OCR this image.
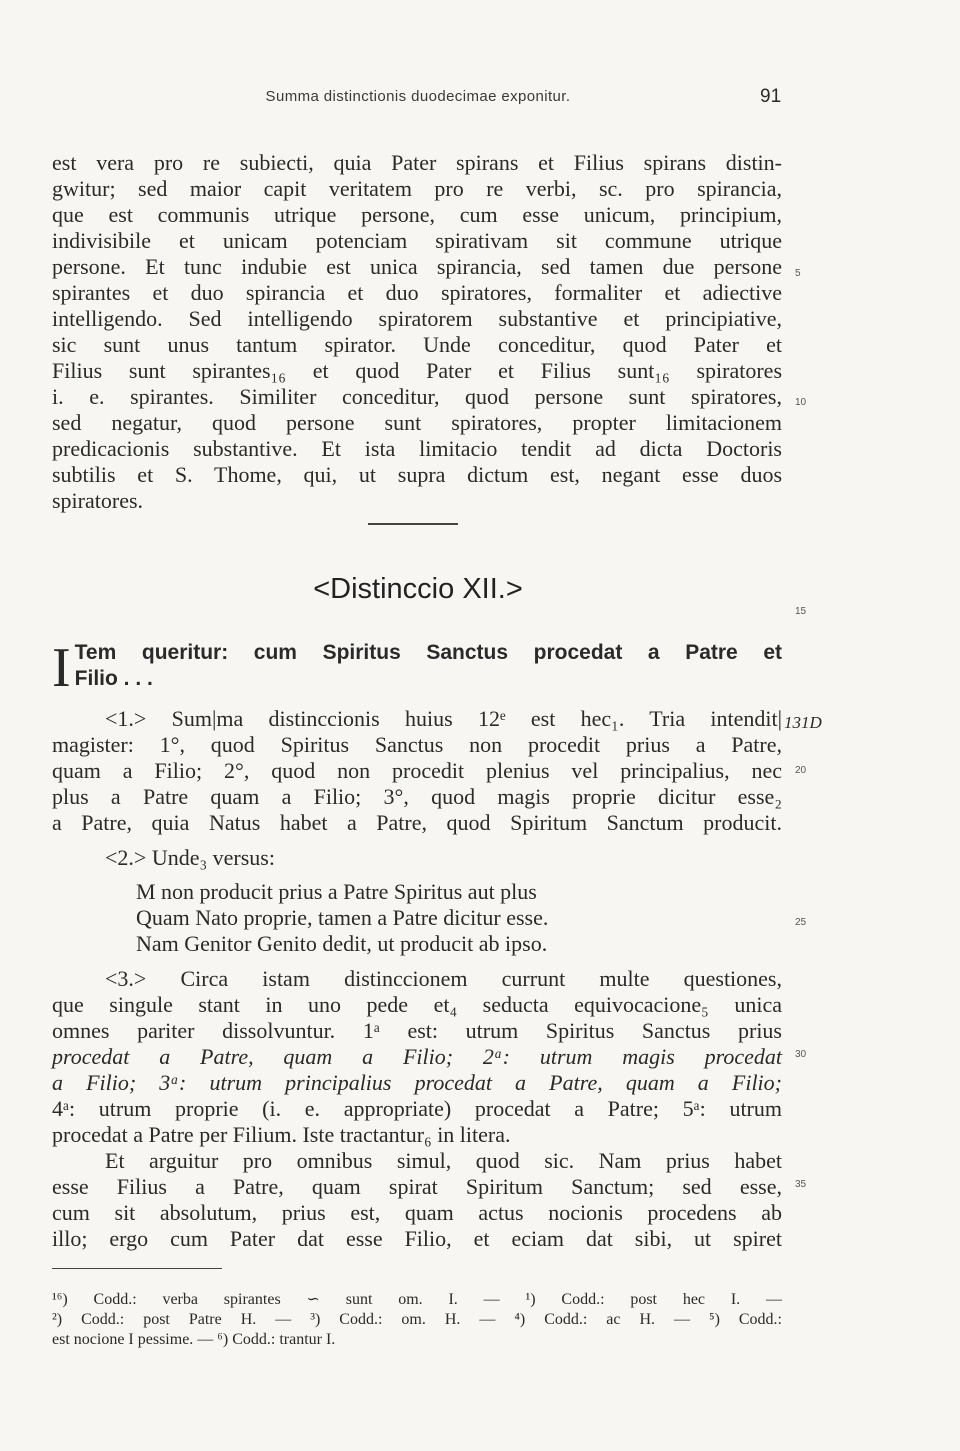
Summa distinctionis duodecimae exponitur.	91
est vera pro re subiecti, quia Pater spirans et Filius spirans distin-
gwitur; sed maior capit veritatem pro re verbi, sc. pro spirancia,
que est communis utrique persone, cum esse unicum, principium,
indivisibile et unicam potenciam spirativam sit commune utrique
persone. Et tunc indubie est unica spirancia, sed tamen due persone
spirantes et duo spirancia et duo spiratores, formaliter et adiective
intelligendo. Sed intelligendo spiratorem substantive et principiative,
sic sunt unus tantum spirator. Unde conceditur, quod Pater et
Filius sunt spirantes₁₆ et quod Pater et Filius sunt₁₆ spiratores
i. e. spirantes. Similiter conceditur, quod persone sunt spiratores,
sed negatur, quod persone sunt spiratores, propter limitacionem
predicacionis substantive. Et ista limitacio tendit ad dicta Doctoris
subtilis et S. Thome, qui, ut supra dictum est, negant esse duos
spiratores.
5
10
15
20
25
30
35
131D
<Distinccio XII.>
I Tem queritur: cum Spiritus Sanctus procedat a Patre et
Filio . . .
<1.> Sum|ma distinccionis huius 12ᵉ est hec₁. Tria intendit|
magister: 1°, quod Spiritus Sanctus non procedit prius a Patre,
quam a Filio; 2°, quod non procedit plenius vel principalius, nec
plus a Patre quam a Filio; 3°, quod magis proprie dicitur esse₂
a Patre, quia Natus habet a Patre, quod Spiritum Sanctum producit.
<2.> Unde₃ versus:
M non producit prius a Patre Spiritus aut plus
Quam Nato proprie, tamen a Patre dicitur esse.
Nam Genitor Genito dedit, ut producit ab ipso.
<3.> Circa istam distinccionem currunt multe questiones,
que singule stant in uno pede et₄ seducta equivocacione₅ unica
omnes pariter dissolvuntur. 1ᵃ est: utrum Spiritus Sanctus prius
procedat a Patre, quam a Filio; 2ᵃ: utrum magis procedat
a Filio; 3ᵃ: utrum principalius procedat a Patre, quam a Filio;
4ᵃ: utrum proprie (i. e. appropriate) procedat a Patre; 5ᵃ: utrum
procedat a Patre per Filium. Iste tractantur₆ in litera.
Et arguitur pro omnibus simul, quod sic. Nam prius habet
esse Filius a Patre, quam spirat Spiritum Sanctum; sed esse,
cum sit absolutum, prius est, quam actus nocionis procedens ab
illo; ergo cum Pater dat esse Filio, et eciam dat sibi, ut spiret
¹⁶) Codd.: verba spirantes ∽ sunt om. I. — ¹) Codd.: post hec I. —
²) Codd.: post Patre H. — ³) Codd.: om. H. — ⁴) Codd.: ac H. — ⁵) Codd.:
est nocione I pessime. — ⁶) Codd.: trantur I.
